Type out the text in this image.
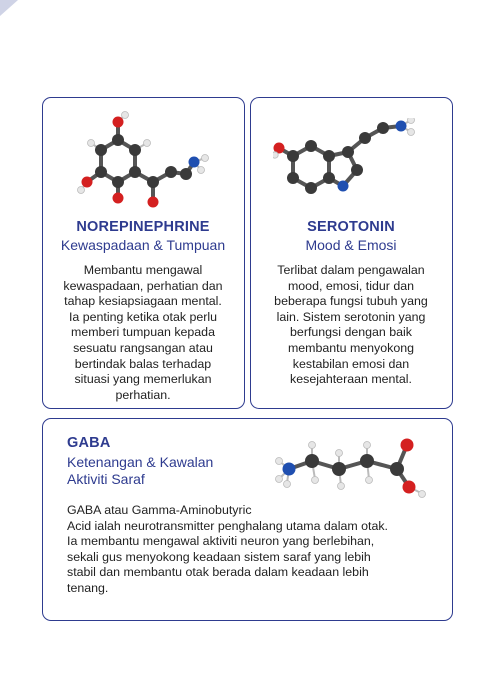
NOREPINEPHRINE
Kewaspadaan & Tumpuan
Membantu mengawal
kewaspadaan, perhatian dan
tahap kesiapsiagaan mental.
Ia penting ketika otak perlu
memberi tumpuan kepada
sesuatu rangsangan atau
bertindak balas terhadap
situasi yang memerlukan
perhatian.
SEROTONIN
Mood & Emosi
Terlibat dalam pengawalan
mood, emosi, tidur dan
beberapa fungsi tubuh yang
lain. Sistem serotonin yang
berfungsi dengan baik
membantu menyokong
kestabilan emosi dan
kesejahteraan mental.
GABA
Ketenangan & Kawalan
Aktiviti Saraf
GABA atau Gamma-Aminobutyric
Acid ialah neurotransmitter penghalang utama dalam otak.
Ia membantu mengawal aktiviti neuron yang berlebihan,
sekali gus menyokong keadaan sistem saraf yang lebih
stabil dan membantu otak berada dalam keadaan lebih
tenang.
